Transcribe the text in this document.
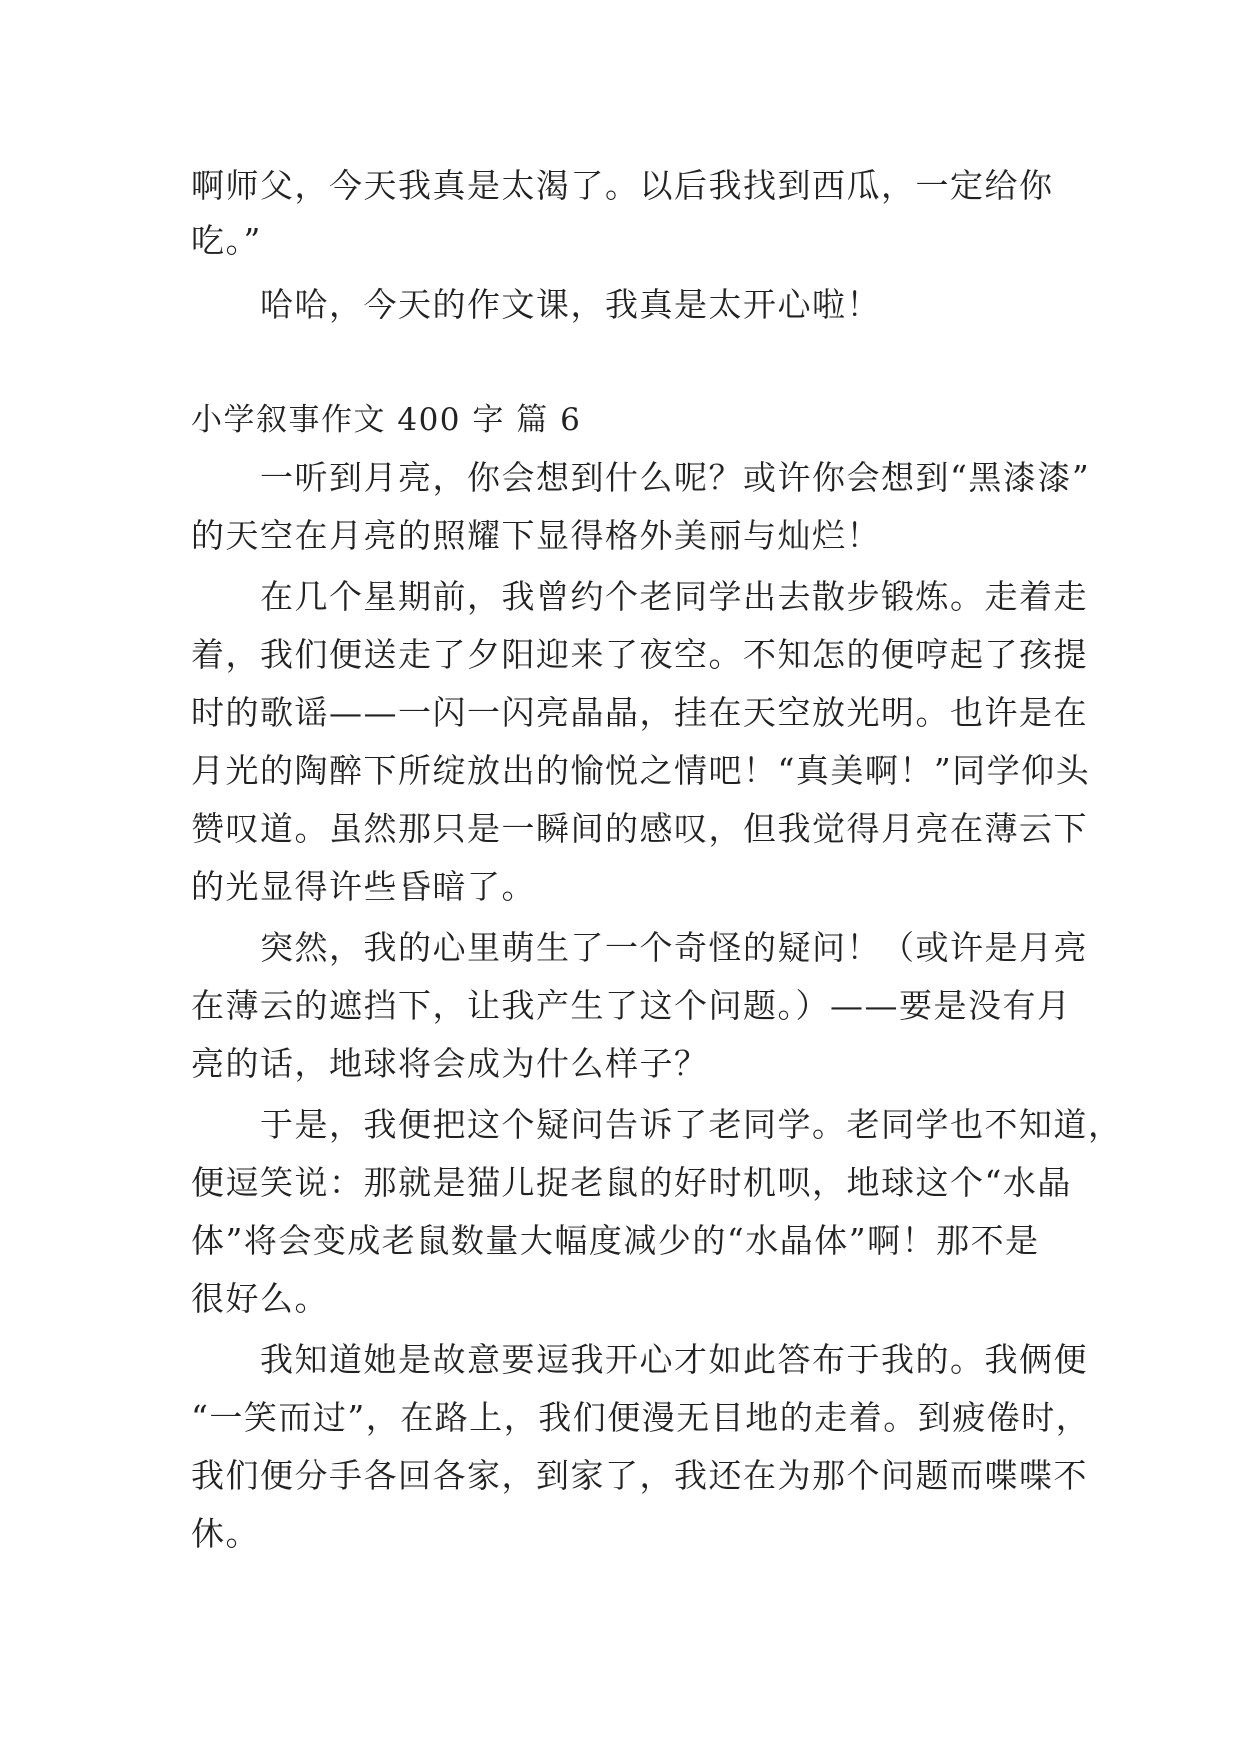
啊师父，今天我真是太渴了。以后我找到西瓜，一定给你
吃。”
　　哈哈，今天的作文课，我真是太开心啦！
小学叙事作文 400 字 篇 6
　　一听到月亮，你会想到什么呢？或许你会想到“黑漆漆”
的天空在月亮的照耀下显得格外美丽与灿烂！
　　在几个星期前，我曾约个老同学出去散步锻炼。走着走
着，我们便送走了夕阳迎来了夜空。不知怎的便哼起了孩提
时的歌谣——一闪一闪亮晶晶，挂在天空放光明。也许是在
月光的陶醉下所绽放出的愉悦之情吧！“真美啊！”同学仰头
赞叹道。虽然那只是一瞬间的感叹，但我觉得月亮在薄云下
的光显得许些昏暗了。
　　突然，我的心里萌生了一个奇怪的疑问！（或许是月亮
在薄云的遮挡下，让我产生了这个问题。）——要是没有月
亮的话，地球将会成为什么样子？
　　于是，我便把这个疑问告诉了老同学。老同学也不知道，
便逗笑说：那就是猫儿捉老鼠的好时机呗，地球这个“水晶
体”将会变成老鼠数量大幅度减少的“水晶体”啊！那不是
很好么。
　　我知道她是故意要逗我开心才如此答布于我的。我俩便
“一笑而过”，在路上，我们便漫无目地的走着。到疲倦时，
我们便分手各回各家，到家了，我还在为那个问题而喋喋不
休。
